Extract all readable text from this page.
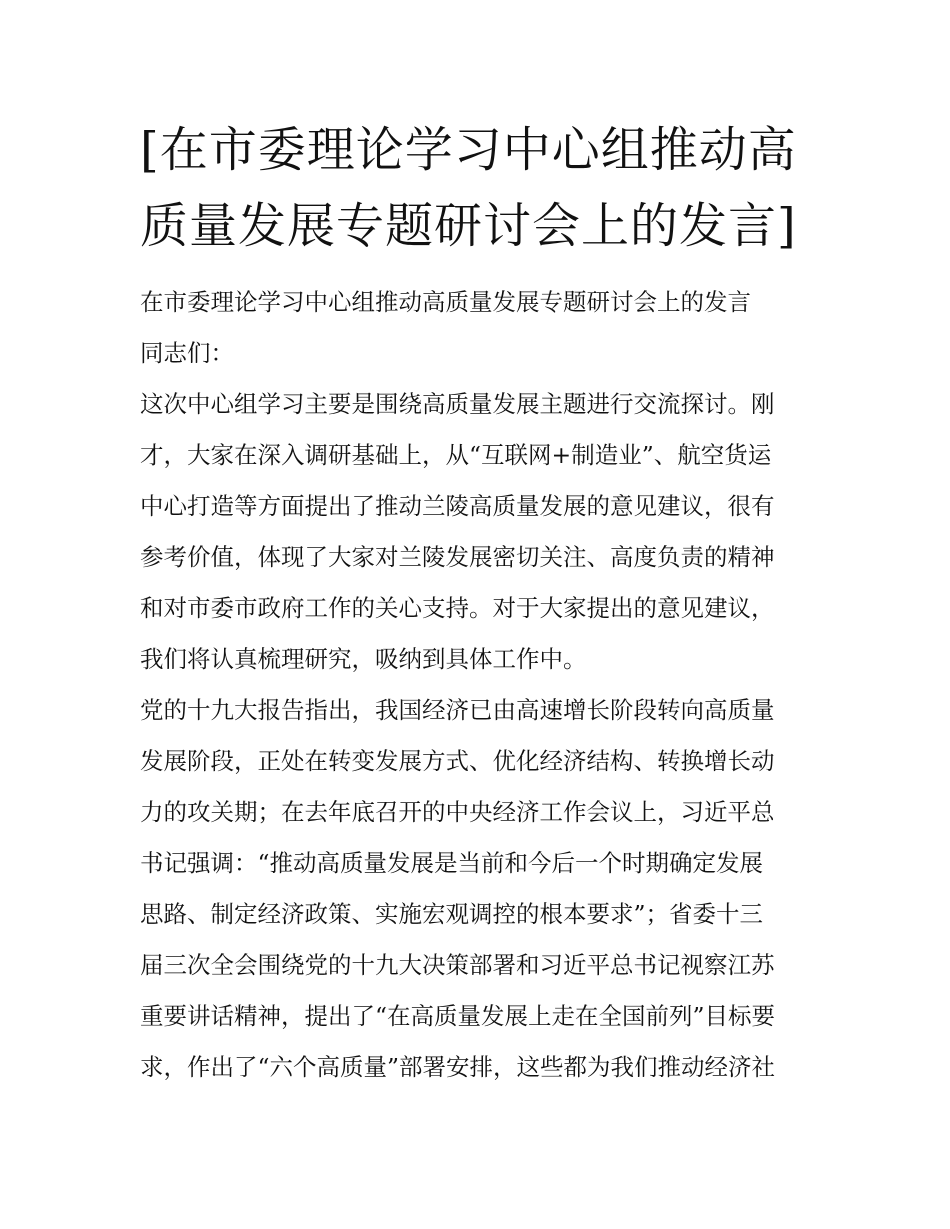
[在市委理论学习中心组推动高
质量发展专题研讨会上的发言]
在市委理论学习中心组推动高质量发展专题研讨会上的发言
同志们：
这次中心组学习主要是围绕高质量发展主题进行交流探讨。刚
才，大家在深入调研基础上，从“互联网+制造业”、航空货运
中心打造等方面提出了推动兰陵高质量发展的意见建议，很有
参考价值，体现了大家对兰陵发展密切关注、高度负责的精神
和对市委市政府工作的关心支持。对于大家提出的意见建议，
我们将认真梳理研究，吸纳到具体工作中。
党的十九大报告指出，我国经济已由高速增长阶段转向高质量
发展阶段，正处在转变发展方式、优化经济结构、转换增长动
力的攻关期；在去年底召开的中央经济工作会议上，习近平总
书记强调：“推动高质量发展是当前和今后一个时期确定发展
思路、制定经济政策、实施宏观调控的根本要求”；省委十三
届三次全会围绕党的十九大决策部署和习近平总书记视察江苏
重要讲话精神，提出了“在高质量发展上走在全国前列”目标要
求，作出了“六个高质量”部署安排，这些都为我们推动经济社
